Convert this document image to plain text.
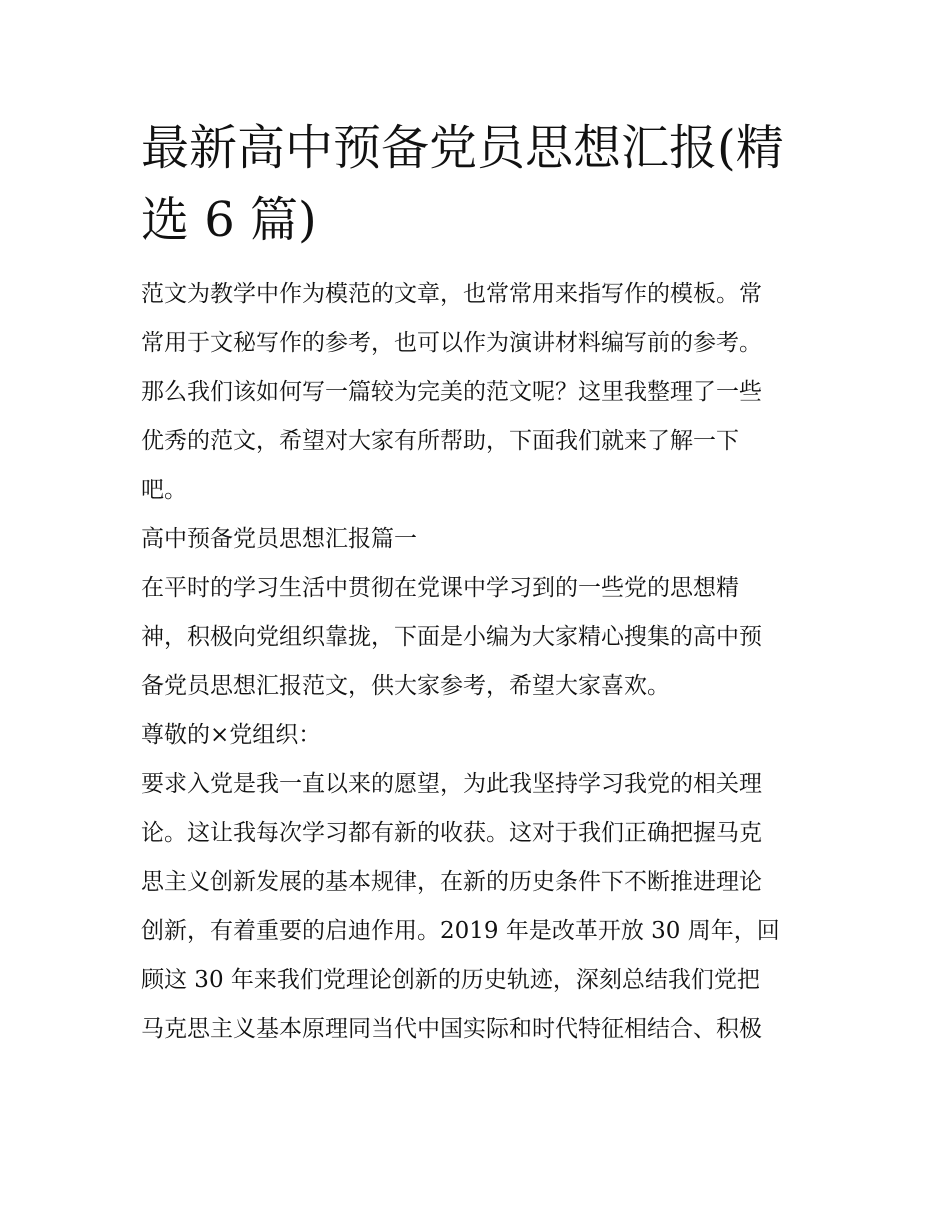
最新高中预备党员思想汇报(精
选 6 篇)
范文为教学中作为模范的文章，也常常用来指写作的模板。常
常用于文秘写作的参考，也可以作为演讲材料编写前的参考。
那么我们该如何写一篇较为完美的范文呢？这里我整理了一些
优秀的范文，希望对大家有所帮助，下面我们就来了解一下
吧。
高中预备党员思想汇报篇一
在平时的学习生活中贯彻在党课中学习到的一些党的思想精
神，积极向党组织靠拢，下面是小编为大家精心搜集的高中预
备党员思想汇报范文，供大家参考，希望大家喜欢。
尊敬的×党组织：
要求入党是我一直以来的愿望，为此我坚持学习我党的相关理
论。这让我每次学习都有新的收获。这对于我们正确把握马克
思主义创新发展的基本规律，在新的历史条件下不断推进理论
创新，有着重要的启迪作用。2019 年是改革开放 30 周年，回
顾这 30 年来我们党理论创新的历史轨迹，深刻总结我们党把
马克思主义基本原理同当代中国实际和时代特征相结合、积极
